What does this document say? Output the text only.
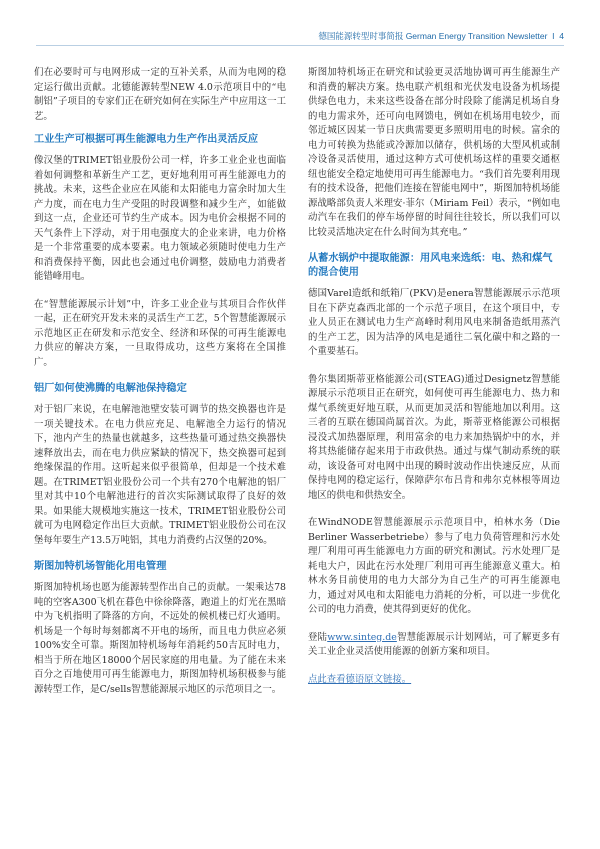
德国能源转型时事简报 German Energy Transition Newsletter I 4

们在必要时可与电网形成一定的互补关系，从而为电网的稳定运行做出贡献。北德能源转型NEW 4.0示范项目中的“电制铝”子项目的专家们正在研究如何在实际生产中应用这一工艺。

工业生产可根据可再生能源电力生产作出灵活反应

像汉堡的TRIMET铝业股份公司一样，许多工业企业也面临着如何调整和革新生产工艺，更好地利用可再生能源电力的挑战。未来，这些企业应在风能和太阳能电力富余时加大生产力度，而在电力生产受阻的时段调整和减少生产，如能做到这一点，企业还可节约生产成本。因为电价会根据不同的天气条件上下浮动，对于用电强度大的企业来讲，电力价格是一个非常重要的成本要素。电力领域必须随时使电力生产和消费保持平衡，因此也会通过电价调整，鼓励电力消费者能错峰用电。

在“智慧能源展示计划”中，许多工业企业与其项目合作伙伴一起，正在研究开发未来的灵活生产工艺，5个智慧能源展示示范地区正在研发和示范安全、经济和环保的可再生能源电力供应的解决方案，一旦取得成功，这些方案将在全国推广。

铝厂如何使沸腾的电解池保持稳定

对于铝厂来说，在电解池池壁安装可调节的热交换器也许是一项关键技术。在电力供应充足、电解池全力运行的情况下，池内产生的热量也就越多，这些热量可通过热交换器快速释放出去，而在电力供应紧缺的情况下，热交换器可起到绝缘保温的作用。这听起来似乎很简单，但却是一个技术难题。在TRIMET铝业股份公司一个共有270个电解池的铝厂里对其中10个电解池进行的首次实际测试取得了良好的效果。如果能大规模地实施这一技术，TRIMET铝业股份公司就可为电网稳定作出巨大贡献。TRIMET铝业股份公司在汉堡每年要生产13.5万吨铝，其电力消费约占汉堡的20%。

斯图加特机场智能化用电管理

斯图加特机场也愿为能源转型作出自己的贡献。一架乘达78吨的空客A300飞机在暮色中徐徐降落，跑道上的灯光在黑暗中为飞机指明了降落的方向，不远处的候机楼已灯火通明。机场是一个每时每刻都离不开电的场所，而且电力供应必须100%安全可靠。斯图加特机场每年消耗约50吉瓦时电力，相当于所在地区18000个居民家庭的用电量。为了能在未来百分之百地使用可再生能源电力，斯图加特机场积极参与能源转型工作，是C/sells智慧能源展示地区的示范项目之一。

斯图加特机场正在研究和试验更灵活地协调可再生能源生产和消费的解决方案。热电联产机组和光伏发电设备为机场提供绿色电力，未来这些设备在部分时段除了能满足机场自身的电力需求外，还可向电网馈电，例如在机场用电较少，而邻近城区因某一节日庆典需要更多照明用电的时候。富余的电力可转换为热能或冷源加以储存，供机场的大型风机或制冷设备灵活使用，通过这种方式可使机场这样的重要交通枢纽也能安全稳定地使用可再生能源电力。“我们首先要利用现有的技术设备，把他们连接在智能电网中”，斯图加特机场能源战略部负责人米理安·菲尔（Miriam Feil）表示，“例如电动汽车在我们的停车场停留的时间往往较长，所以我们可以比较灵活地决定在什么时间为其充电。”

从蓄水锅炉中提取能源：用风电来选纸：电、热和煤气的混合使用

德国Varel造纸和纸箱厂(PKV)是enera智慧能源展示示范项目在下萨克森西北部的一个示范子项目，在这个项目中，专业人员正在测试电力生产高峰时利用风电来制备造纸用蒸汽的生产工艺，因为洁净的风电是通往二氧化碳中和之路的一个重要基石。

鲁尔集团斯蒂亚格能源公司(STEAG)通过Designetz智慧能源展示示范项目正在研究，如何使可再生能源电力、热力和煤气系统更好地互联，从而更加灵活和智能地加以利用。这三者的互联在德国尚属首次。为此，斯蒂亚格能源公司根据浸没式加热器原理，利用富余的电力来加热锅炉中的水，并将其热能储存起来用于市政供热。通过与煤气制动系统的联动，该设备可对电网中出现的瞬时波动作出快速反应，从而保持电网的稳定运行，保障萨尔布吕肯和弗尔克林根等周边地区的供电和供热安全。

在WindNODE智慧能源展示示范项目中，柏林水务（Die Berliner Wasserbetriebe）参与了电力负荷管理和污水处理厂利用可再生能源电力方面的研究和测试。污水处理厂是耗电大户，因此在污水处理厂利用可再生能源意义重大。柏林水务目前使用的电力大部分为自己生产的可再生能源电力，通过对风电和太阳能电力消耗的分析，可以进一步优化公司的电力消费，使其得到更好的优化。

登陆www.sinteg.de智慧能源展示计划网站，可了解更多有关工业企业灵活使用能源的创新方案和项目。

点此查看德语原文链接。
